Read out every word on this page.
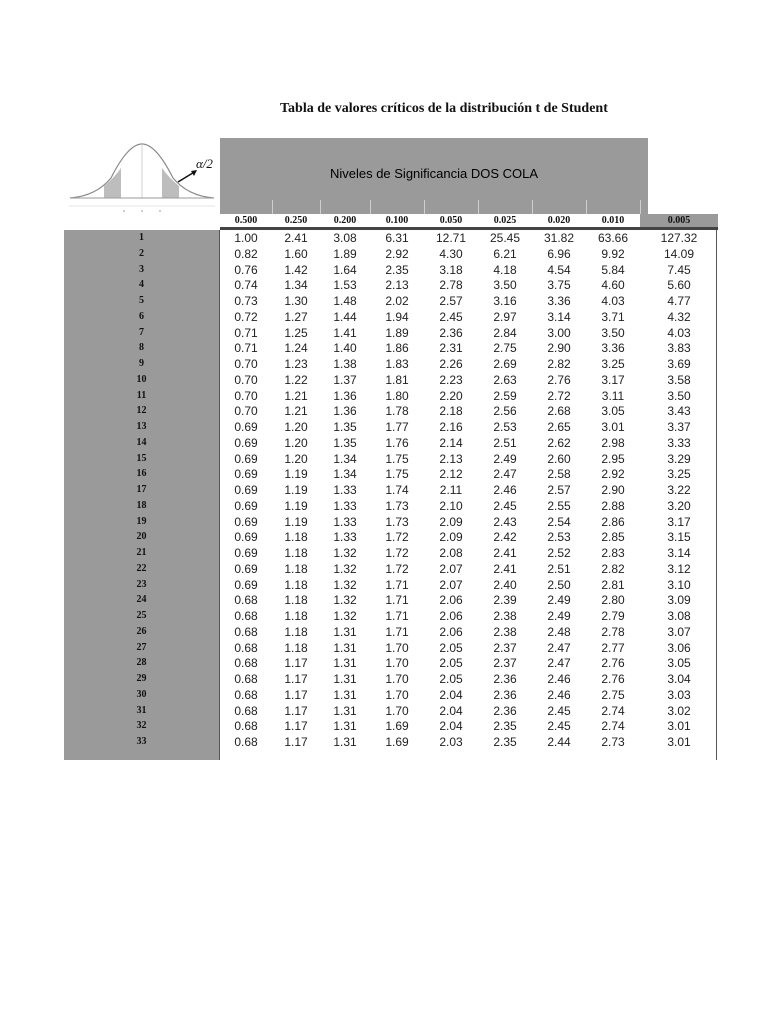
Tabla de valores críticos de la distribución t de Student
α/2
Niveles de Significancia DOS COLA
0.500	0.250	0.200	0.100	0.050	0.025	0.020	0.010	0.005
1	1.00	2.41	3.08	6.31	12.71	25.45	31.82	63.66	127.32
2	0.82	1.60	1.89	2.92	4.30	6.21	6.96	9.92	14.09
3	0.76	1.42	1.64	2.35	3.18	4.18	4.54	5.84	7.45
4	0.74	1.34	1.53	2.13	2.78	3.50	3.75	4.60	5.60
5	0.73	1.30	1.48	2.02	2.57	3.16	3.36	4.03	4.77
6	0.72	1.27	1.44	1.94	2.45	2.97	3.14	3.71	4.32
7	0.71	1.25	1.41	1.89	2.36	2.84	3.00	3.50	4.03
8	0.71	1.24	1.40	1.86	2.31	2.75	2.90	3.36	3.83
9	0.70	1.23	1.38	1.83	2.26	2.69	2.82	3.25	3.69
10	0.70	1.22	1.37	1.81	2.23	2.63	2.76	3.17	3.58
11	0.70	1.21	1.36	1.80	2.20	2.59	2.72	3.11	3.50
12	0.70	1.21	1.36	1.78	2.18	2.56	2.68	3.05	3.43
13	0.69	1.20	1.35	1.77	2.16	2.53	2.65	3.01	3.37
14	0.69	1.20	1.35	1.76	2.14	2.51	2.62	2.98	3.33
15	0.69	1.20	1.34	1.75	2.13	2.49	2.60	2.95	3.29
16	0.69	1.19	1.34	1.75	2.12	2.47	2.58	2.92	3.25
17	0.69	1.19	1.33	1.74	2.11	2.46	2.57	2.90	3.22
18	0.69	1.19	1.33	1.73	2.10	2.45	2.55	2.88	3.20
19	0.69	1.19	1.33	1.73	2.09	2.43	2.54	2.86	3.17
20	0.69	1.18	1.33	1.72	2.09	2.42	2.53	2.85	3.15
21	0.69	1.18	1.32	1.72	2.08	2.41	2.52	2.83	3.14
22	0.69	1.18	1.32	1.72	2.07	2.41	2.51	2.82	3.12
23	0.69	1.18	1.32	1.71	2.07	2.40	2.50	2.81	3.10
24	0.68	1.18	1.32	1.71	2.06	2.39	2.49	2.80	3.09
25	0.68	1.18	1.32	1.71	2.06	2.38	2.49	2.79	3.08
26	0.68	1.18	1.31	1.71	2.06	2.38	2.48	2.78	3.07
27	0.68	1.18	1.31	1.70	2.05	2.37	2.47	2.77	3.06
28	0.68	1.17	1.31	1.70	2.05	2.37	2.47	2.76	3.05
29	0.68	1.17	1.31	1.70	2.05	2.36	2.46	2.76	3.04
30	0.68	1.17	1.31	1.70	2.04	2.36	2.46	2.75	3.03
31	0.68	1.17	1.31	1.70	2.04	2.36	2.45	2.74	3.02
32	0.68	1.17	1.31	1.69	2.04	2.35	2.45	2.74	3.01
33	0.68	1.17	1.31	1.69	2.03	2.35	2.44	2.73	3.01
